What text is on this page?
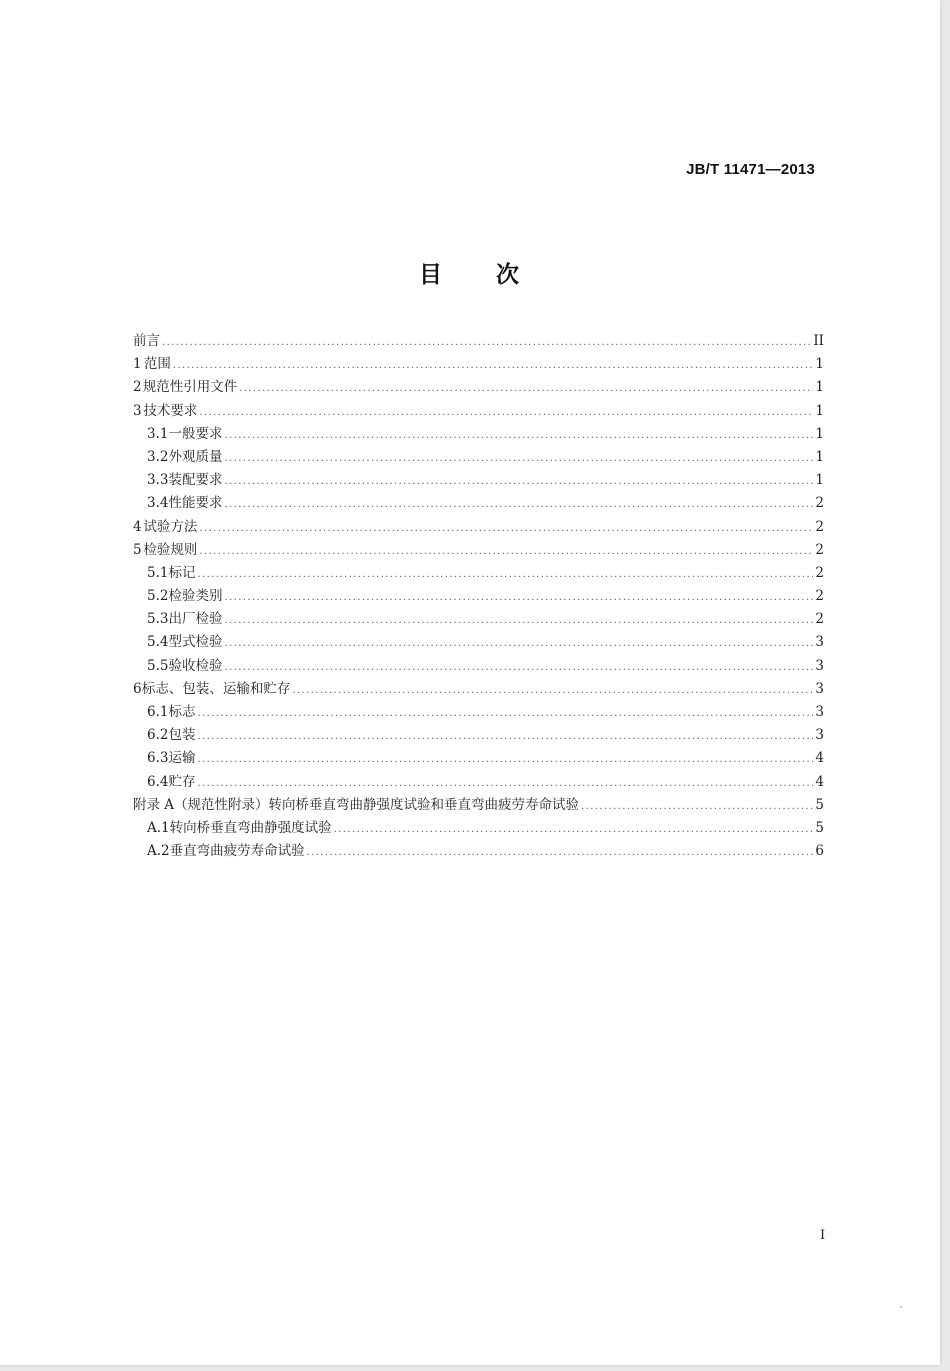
JB/T 11471—2013
目 次
前言 .....	II
1 范围 .....	1
2 规范性引用文件 .....	1
3 技术要求 .....	1
3.1 一般要求 .....	1
3.2 外观质量 .....	1
3.3 装配要求 .....	1
3.4 性能要求 .....	2
4 试验方法 .....	2
5 检验规则 .....	2
5.1 标记 .....	2
5.2 检验类别 .....	2
5.3 出厂检验 .....	2
5.4 型式检验 .....	3
5.5 验收检验 .....	3
6 标志、包装、运输和贮存 .....	3
6.1 标志 .....	3
6.2 包装 .....	3
6.3 运输 .....	4
6.4 贮存 .....	4
附录 A（规范性附录）转向桥垂直弯曲静强度试验和垂直弯曲疲劳寿命试验 .....	5
A.1 转向桥垂直弯曲静强度试验 .....	5
A.2 垂直弯曲疲劳寿命试验 .....	6
I
